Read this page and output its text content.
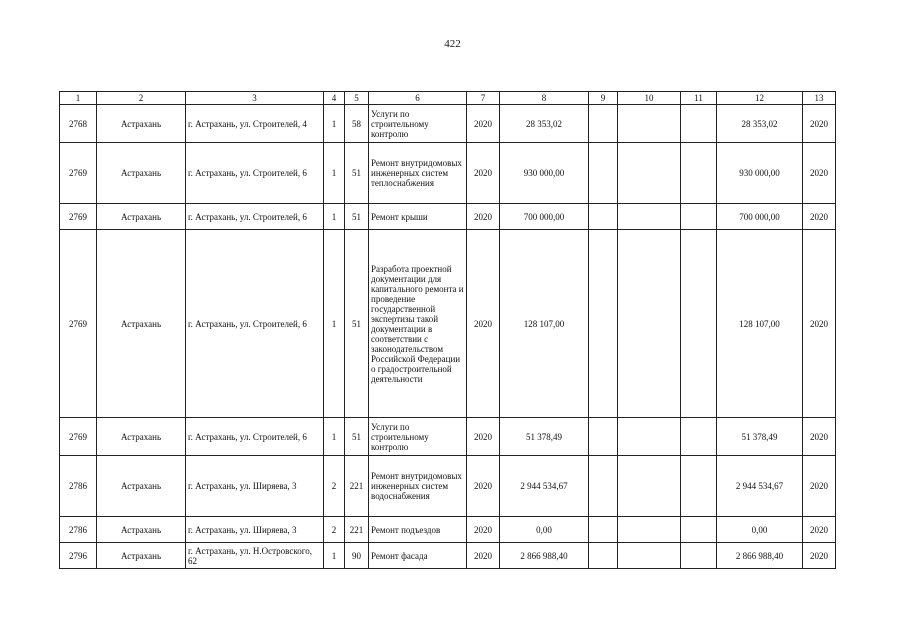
422
1	2	3	4	5	6	7	8	9	10	11	12	13
2768	Астрахань	г. Астрахань, ул. Строителей, 4	1	58	Услуги по строительному контролю	2020	28 353,02				28 353,02	2020
2769	Астрахань	г. Астрахань, ул. Строителей, 6	1	51	Ремонт внутридомовых инженерных систем теплоснабжения	2020	930 000,00				930 000,00	2020
2769	Астрахань	г. Астрахань, ул. Строителей, 6	1	51	Ремонт крыши	2020	700 000,00				700 000,00	2020
2769	Астрахань	г. Астрахань, ул. Строителей, 6	1	51	Разработа проектной документации для капитального ремонта и проведение государственной экспертизы такой документации в соответствии с законодательством Российской Федерации о градостроительной деятельности	2020	128 107,00				128 107,00	2020
2769	Астрахань	г. Астрахань, ул. Строителей, 6	1	51	Услуги по строительному контролю	2020	51 378,49				51 378,49	2020
2786	Астрахань	г. Астрахань, ул. Ширяева, 3	2	221	Ремонт внутридомовых инженерных систем водоснабжения	2020	2 944 534,67				2 944 534,67	2020
2786	Астрахань	г. Астрахань, ул. Ширяева, 3	2	221	Ремонт подъездов	2020	0,00				0,00	2020
2796	Астрахань	г. Астрахань, ул. Н.Островского, 62	1	90	Ремонт фасада	2020	2 866 988,40				2 866 988,40	2020
